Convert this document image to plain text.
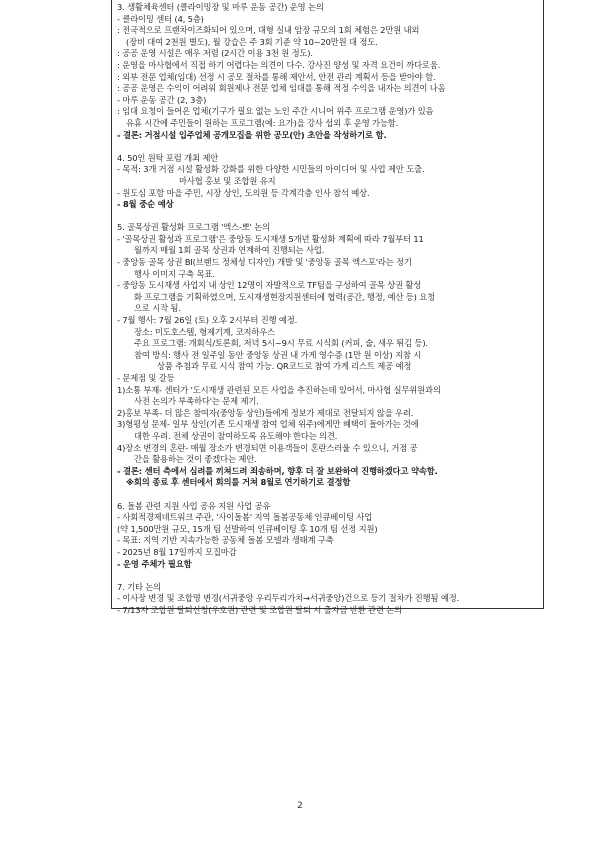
3. 생활체육센터 (클라이밍장 및 마루 운동 공간) 운영 논의
- 클라이밍 센터 (4, 5층)
: 전국적으로 프랜차이즈화되어 있으며, 대형 실내 암장 규모의 1회 체험은 2만원 내외
(장비 대여 2천원 별도), 월 강습은 주 3회 기준 약 10~20만원 대 정도.
: 공공 운영 시설은 매우 저렴 (2시간 이용 3천 원 정도).
: 운영을 마사협에서 직접 하기 어렵다는 의견이 다수. 강사진 양성 및 자격 요건이 까다로움.
: 외부 전문 업체(임대) 선정 시 공모 절차를 통해 제안서, 안전 관리 계획서 등을 받아야 함.
: 공공 운영은 수익이 어려워 회원제나 전문 업체 임대를 통해 적정 수익을 내자는 의견이 나옴
- 마루 운동 공간 (2, 3층)
: 임대 요청이 들어온 업체(기구가 필요 없는 노인 주간 시니어 위주 프로그램 운영)가 있음
유휴 시간에 주민들이 원하는 프로그램(예: 요가)을 강사 섭외 후 운영 가능함.
- 결론: 거점시설 입주업체 공개모집을 위한 공모(안) 초안을 작성하기로 함.
4. 50인 원탁 포럼 개최 제안
- 목적: 3개 거점 시설 활성화 강화를 위한 다양한 시민들의 아이디어 및 사업 제안 도출.
마사협 홍보 및 조합원 유지
- 원도심 포함 마을 주민, 시장 상인, 도의원 등 각계각층 인사 참석 예상.
- 8월 중순 예상
5. 골목상권 활성화 프로그램 '엑스-뽀' 논의
- '골목상권 활성과 프로그램'은 중앙동 도시재생 5개년 활성화 계획에 따라 7월부터 11
월까지 매월 1회 골목 상권과 연계하여 진행되는 사업.
- 중앙동 골목 상권 BI(브랜드 정체성 디자인) 개발 및 '중앙동 골목 엑스포'라는 정기
행사 이미지 구축 목표.
- 중앙동 도시재생 사업지 내 상인 12명이 자발적으로 TF팀을 구성하여 골목 상권 활성
화 프로그램을 기획하였으며, 도시재생현장지원센터에 협력(공간, 행정, 예산 등) 요청
으로 시작 됨.
- 7월 행사: 7월 26일 (토) 오후 2시부터 진행 예정.
장소: 미도호스텔, 형제기계, 코지하우스
주요 프로그램: 개회식/토론회, 저녁 5시~9시 무료 시식회 (커피, 술, 새우 튀김 등).
참여 방식: 행사 전 일주일 동안 중앙동 상권 내 가게 영수증 (1만 원 이상) 지참 시
상품 추첨과 무료 시식 참여 가능. QR코드로 참여 가게 리스트 제공 예정
- 문제점 및 갈등
1)소통 부재- 센터가 '도시재생 관련된 모든 사업을 추진하는데 있어서, 마사협 실무위원과의
사전 논의가 부족하다'는 문제 제기.
2)홍보 부족- 더 많은 참여자(중앙동 상인)들에게 정보가 제대로 전달되지 않을 우려.
3)형평성 문제- 일부 상인(기존 도시재생 참여 업체 위주)에게만 혜택이 돌아가는 것에
대한 우려. 전체 상권이 참여하도록 유도해야 한다는 의견.
4)장소 변경의 혼란- 매월 장소가 변경되면 이용객들이 혼란스러울 수 있으니, 거점 공
간을 활용하는 것이 좋겠다는 제안.
- 결론: 센터 측에서 심려를 끼쳐드려 죄송하며, 향후 더 잘 보완하여 진행하겠다고 약속함.
※회의 종료 후 센터에서 회의를 거쳐 8월로 연기하기로 결정함
6. 돌봄 관련 지원 사업 공유 지원 사업 공유
- 사회적경제네트워크 주관, '사이돌봄' 지역 돌봄공동체 인큐베이팅 사업
(약 1,500만원 규모, 15개 팀 선발하여 인큐베이팅 후 10개 팀 선정 지원)
- 목표: 지역 기반 지속가능한 공동체 돌봄 모델과 생태계 구축
- 2025년 8월 17일까지 모집마감
- 운영 주체가 필요함
7. 기타 논의
- 이사장 변경 및 조합명 변경(서귀중앙 우리두리가치→서귀중앙)건으로 등기 절차가 진행됨 예정.
- 7/13자 조합원 탈퇴신청(우호원) 관련 및 조합원 탈퇴 시 출자금 반환 관련 논의
2
